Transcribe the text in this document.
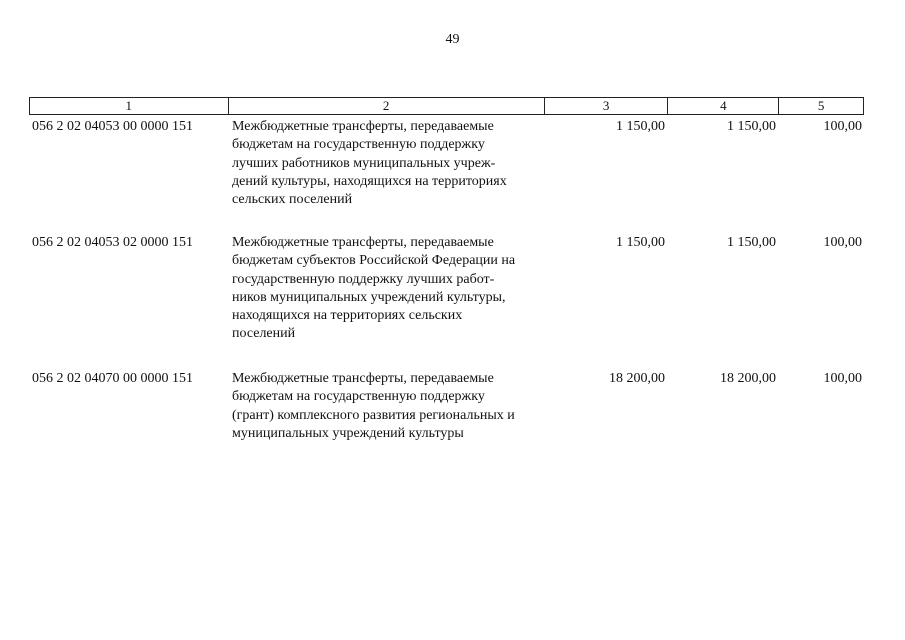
49
1	2	3	4	5
056 2 02 04053 00 0000 151	Межбюджетные трансферты, передаваемые
бюджетам на государственную поддержку
лучших работников муниципальных учреж-
дений культуры, находящихся на территориях
сельских поселений
1 150,00	1 150,00	100,00
056 2 02 04053 02 0000 151	Межбюджетные трансферты, передаваемые
бюджетам субъектов Российской Федерации на
государственную поддержку лучших работ-
ников муниципальных учреждений культуры,
находящихся на территориях сельских
поселений
1 150,00	1 150,00	100,00
056 2 02 04070 00 0000 151	Межбюджетные трансферты, передаваемые
бюджетам на государственную поддержку
(грант) комплексного развития региональных и
муниципальных учреждений культуры
18 200,00	18 200,00	100,00
